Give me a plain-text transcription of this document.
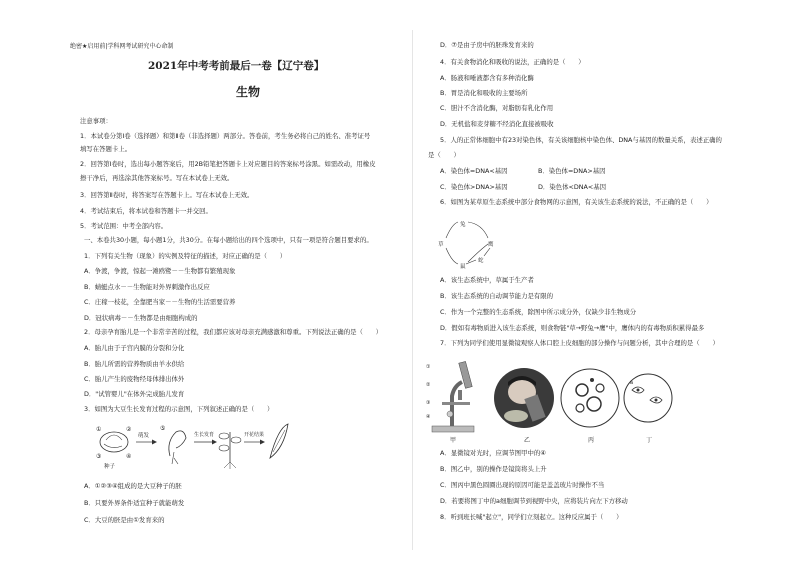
绝密★启用前|学科网考试研究中心命制
2021年中考考前最后一卷【辽宁卷】
生物
注意事项：
1．本试卷分第Ⅰ卷（选择题）和第Ⅱ卷（非选择题）两部分。答卷前，考生务必将自己的姓名、准考证号
填写在答题卡上。
2．回答第Ⅰ卷时，选出每小题答案后，用2B铅笔把答题卡上对应题目的答案标号涂黑。如需改动，用橡皮
擦干净后，再选涂其他答案标号。写在本试卷上无效。
3．回答第Ⅱ卷时，将答案写在答题卡上。写在本试卷上无效。
4．考试结束后，将本试卷和答题卡一并交回。
5．考试范围：中考全部内容。
一、本卷共30小题，每小题1分，共30分。在每小题给出的四个选项中，只有一项是符合题目要求的。
1．下列有关生物（现象）的实例及特征的描述，对应正确的是（　　）
A．争渡，争渡，惊起一滩鸥鹭－－生物都有繁殖现象
B．蜻蜓点水－－生物能对外界刺激作出反应
C．庄稼一枝花，全靠肥当家－－生物的生活需要营养
D．冠状病毒－－生物都是由细胞构成的
2．母亲孕育胎儿是一个非常辛苦的过程，我们都应该对母亲充满感激和尊重。下列说法正确的是（　　）
A．胎儿由于子宫内膜的分裂和分化
B．胎儿所需的营养物质由羊水供给
C．胎儿产生的废物经母体排出体外
D．"试管婴儿"在体外完成胎儿发育
3．如图为大豆生长发育过程的示意图，下列叙述正确的是（　　）
①	②
③	④
种子
萌发
⑤
生长发育	开花结果
A．①②③④组成的是大豆种子的胚
B．只要外界条件适宜种子就能萌发
C．大豆的胚是由①发育来的
D．⑦是由子房中的胚珠发育来的
4．有关食物消化和吸收的说法，正确的是（　　）
A．肠液和唾液都含有多种消化酶
B．胃是消化和吸收的主要场所
C．胆汁不含消化酶，对脂肪有乳化作用
D．无机盐和麦芽糖不经消化直接被吸收
5．人的正常体细胞中有23对染色体，有关该细胞核中染色体、DNA与基因的数量关系，表述正确的
是（　　）
A．染色体=DNA<基因	B．染色体=DNA>基因
C．染色体>DNA>基因	D．染色体<DNA<基因
6．如图为某草原生态系统中部分食物网的示意图，有关该生态系统的说法，不正确的是（　　）
草
兔
鹰
鼠
蛇
A．该生态系统中，草属于生产者
B．该生态系统的自动调节能力是有限的
C．作为一个完整的生态系统，除图中所示成分外，仅缺少非生物成分
D．假如有毒物质进入该生态系统，则食物链"草→野兔→鹰"中，鹰体内的有毒物质积累得最多
7．下列为同学们使用显微镜观察人体口腔上皮细胞的部分操作与问题分析，其中合理的是（　　）
①
②
③
④
a
甲	乙	丙	丁
A．显微镜对光时，应调节图甲中的④
B．图乙中，别的操作是镜筒将头上升
C．图丙中黑色圆圈出现的原因可能是盖盖玻片时操作不当
D．若要将图丁中的a细胞调节到视野中央，应将装片向左下方移动
8．听到班长喊"起立"，同学们立刻起立。这种反应属于（　　）
